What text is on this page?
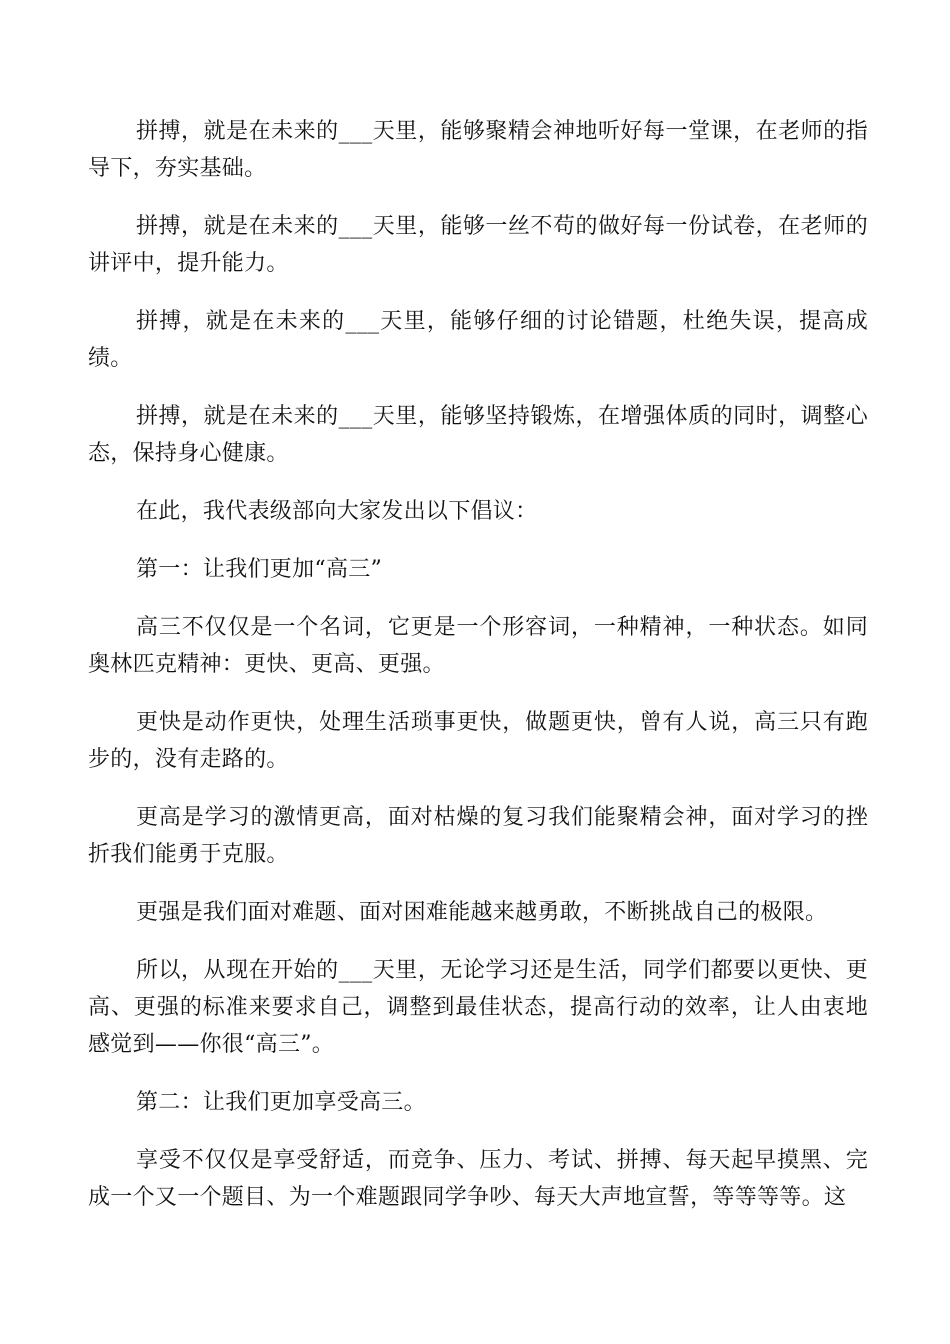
拼搏，就是在未来的___天里，能够聚精会神地听好每一堂课，在老师的指导下，夯实基础。

拼搏，就是在未来的___天里，能够一丝不苟的做好每一份试卷，在老师的讲评中，提升能力。

拼搏，就是在未来的___天里，能够仔细的讨论错题，杜绝失误，提高成绩。

拼搏，就是在未来的___天里，能够坚持锻炼，在增强体质的同时，调整心态，保持身心健康。

在此，我代表级部向大家发出以下倡议：

第一：让我们更加“高三”

高三不仅仅是一个名词，它更是一个形容词，一种精神，一种状态。如同奥林匹克精神：更快、更高、更强。

更快是动作更快，处理生活琐事更快，做题更快，曾有人说，高三只有跑步的，没有走路的。

更高是学习的激情更高，面对枯燥的复习我们能聚精会神，面对学习的挫折我们能勇于克服。

更强是我们面对难题、面对困难能越来越勇敢，不断挑战自己的极限。

所以，从现在开始的___天里，无论学习还是生活，同学们都要以更快、更高、更强的标准来要求自己，调整到最佳状态，提高行动的效率，让人由衷地感觉到——你很“高三”。

第二：让我们更加享受高三。

享受不仅仅是享受舒适，而竞争、压力、考试、拼搏、每天起早摸黑、完成一个又一个题目、为一个难题跟同学争吵、每天大声地宣誓，等等等等。这
